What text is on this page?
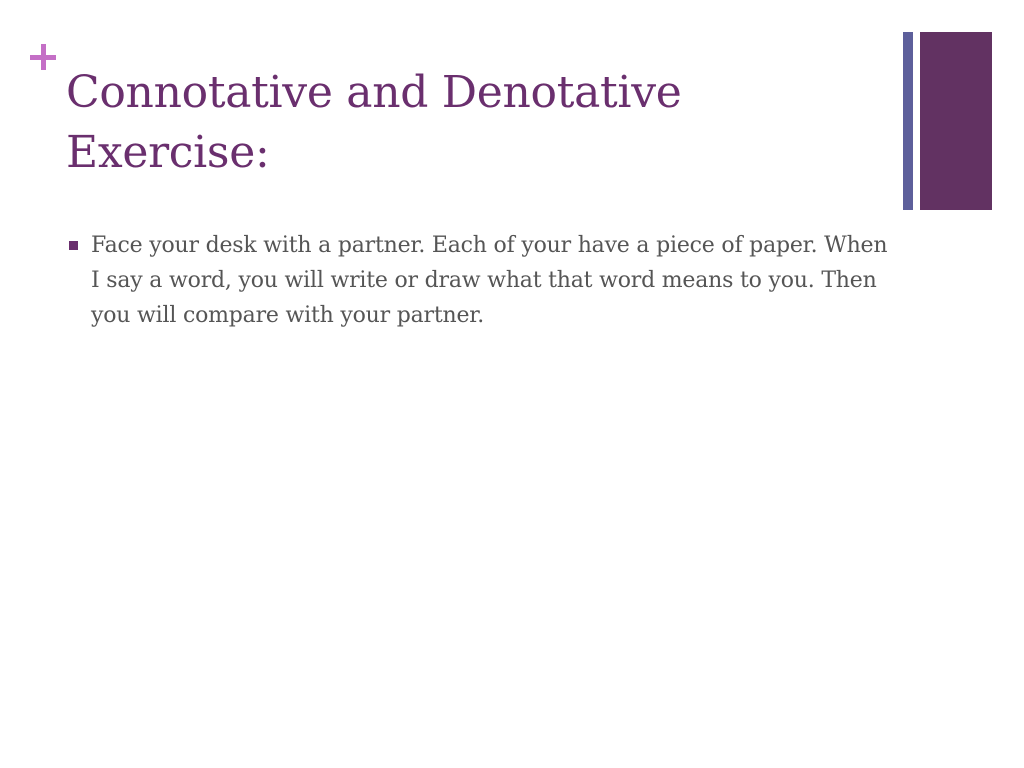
Connotative and Denotative Exercise:
Face your desk with a partner. Each of your have a piece of paper. When I say a word, you will write or draw what that word means to you. Then you will compare with your partner.
